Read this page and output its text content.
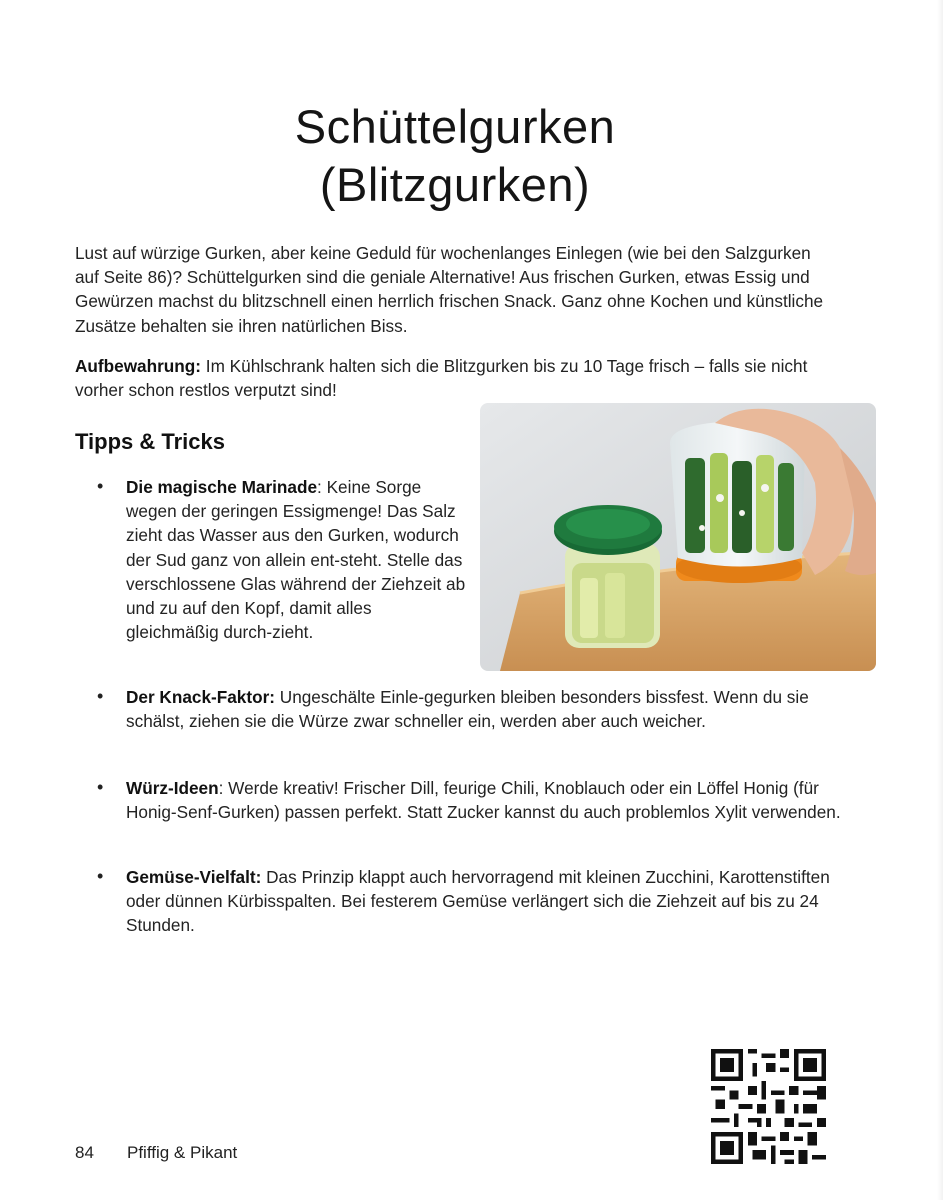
Schüttelgurken
(Blitzgurken)

Lust auf würzige Gurken, aber keine Geduld für wochenlanges Einlegen (wie bei den Salzgurken auf Seite 86)? Schüttelgurken sind die geniale Alternative! Aus frischen Gurken, etwas Essig und Gewürzen machst du blitzschnell einen herrlich frischen Snack. Ganz ohne Kochen und künstliche Zusätze behalten sie ihren natürlichen Biss.

Aufbewahrung: Im Kühlschrank halten sich die Blitzgurken bis zu 10 Tage frisch – falls sie nicht vorher schon restlos verputzt sind!

Tipps & Tricks
• Die magische Marinade: Keine Sorge wegen der geringen Essigmenge! Das Salz zieht das Wasser aus den Gurken, wodurch der Sud ganz von allein ent-steht. Stelle das verschlossene Glas während der Ziehzeit ab und zu auf den Kopf, damit alles gleichmäßig durch-zieht.

• Der Knack-Faktor: Ungeschälte Einle-gegurken bleiben besonders bissfest. Wenn du sie schälst, ziehen sie die Würze zwar schneller ein, werden aber auch weicher.

• Würz-Ideen: Werde kreativ! Frischer Dill, feurige Chili, Knoblauch oder ein Löffel Honig (für Honig-Senf-Gurken) passen perfekt. Statt Zucker kannst du auch problemlos Xylit verwenden.

• Gemüse-Vielfalt: Das Prinzip klappt auch hervorragend mit kleinen Zucchini, Karottenstiften oder dünnen Kürbisspalten. Bei festerem Gemüse verlängert sich die Ziehzeit auf bis zu 24 Stunden.

84 Pfiffig & Pikant
